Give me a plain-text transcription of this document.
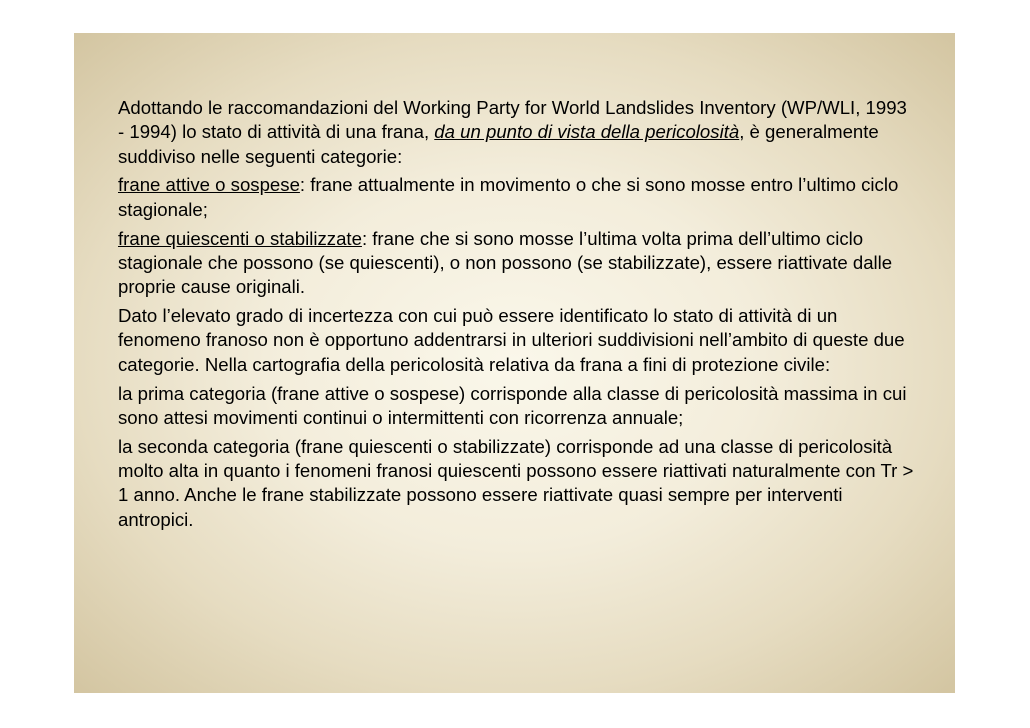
Adottando le raccomandazioni del Working Party for World Landslides Inventory (WP/WLI, 1993 - 1994) lo stato di attività di una frana, da un punto di vista della pericolosità, è generalmente suddiviso nelle seguenti categorie:

frane attive o sospese: frane attualmente in movimento o che si sono mosse entro l’ultimo ciclo stagionale;

frane quiescenti o stabilizzate: frane che si sono mosse l’ultima volta prima dell’ultimo ciclo stagionale che possono (se quiescenti), o non possono (se stabilizzate), essere riattivate dalle proprie cause originali.

Dato l’elevato grado di incertezza con cui può essere identificato lo stato di attività di un fenomeno franoso non è opportuno addentrarsi in ulteriori suddivisioni nell’ambito di queste due categorie. Nella cartografia della pericolosità relativa da frana a fini di protezione civile:

la prima categoria (frane attive o sospese) corrisponde alla classe di pericolosità massima in cui sono attesi movimenti continui o intermittenti con ricorrenza annuale;

la seconda categoria (frane quiescenti o stabilizzate) corrisponde ad una classe di pericolosità molto alta in quanto i fenomeni franosi quiescenti possono essere riattivati naturalmente con Tr > 1 anno. Anche le frane stabilizzate possono essere riattivate quasi sempre per interventi antropici.
